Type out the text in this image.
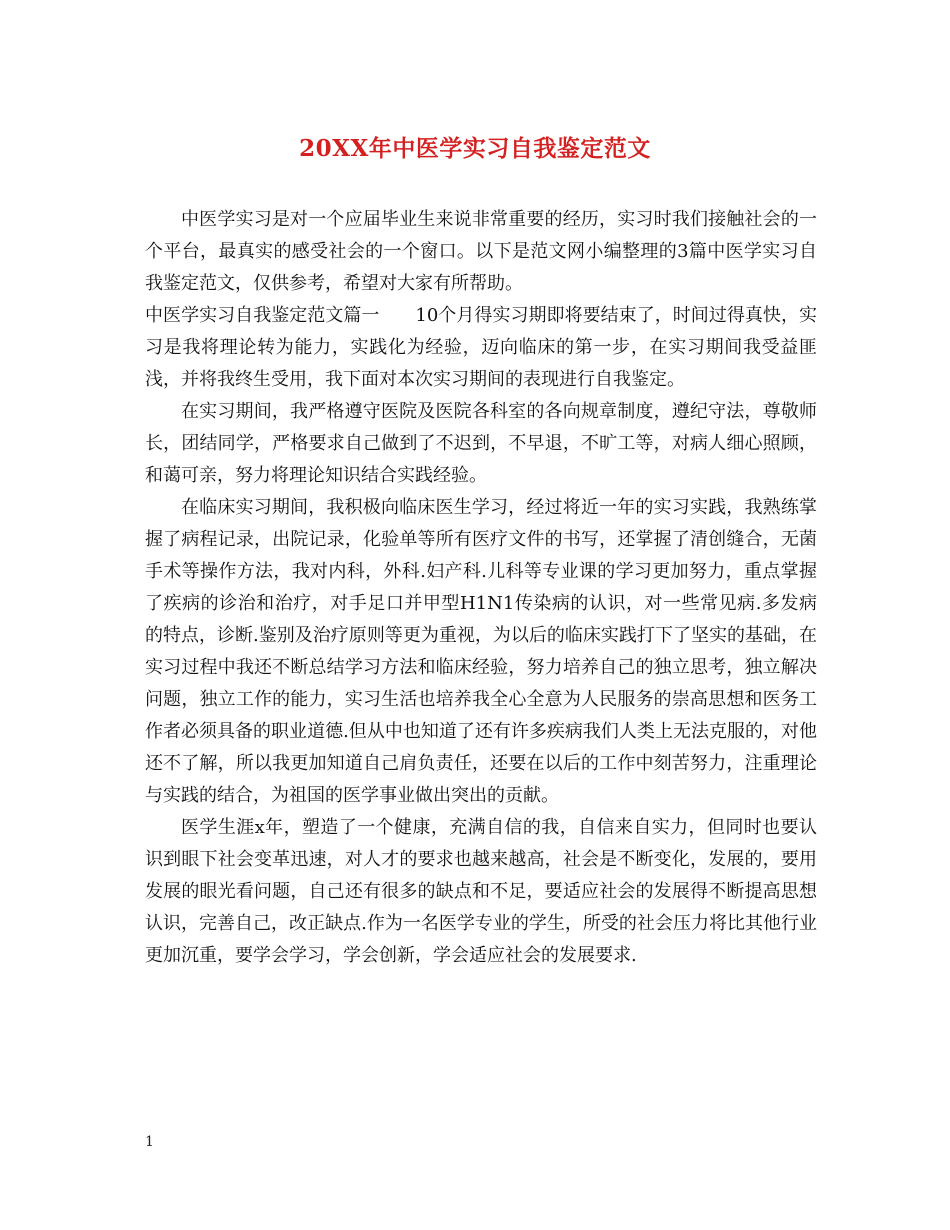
20XX年中医学实习自我鉴定范文

中医学实习是对一个应届毕业生来说非常重要的经历，实习时我们接触社会的一个平台，最真实的感受社会的一个窗口。以下是范文网小编整理的3篇中医学实习自我鉴定范文，仅供参考，希望对大家有所帮助。

中医学实习自我鉴定范文篇一   10个月得实习期即将要结束了，时间过得真快，实习是我将理论转为能力，实践化为经验，迈向临床的第一步，在实习期间我受益匪浅，并将我终生受用，我下面对本次实习期间的表现进行自我鉴定。

在实习期间，我严格遵守医院及医院各科室的各向规章制度，遵纪守法，尊敬师长，团结同学，严格要求自己做到了不迟到，不早退，不旷工等，对病人细心照顾，和蔼可亲，努力将理论知识结合实践经验。

在临床实习期间，我积极向临床医生学习，经过将近一年的实习实践，我熟练掌握了病程记录，出院记录，化验单等所有医疗文件的书写，还掌握了清创缝合，无菌手术等操作方法，我对内科，外科.妇产科.儿科等专业课的学习更加努力，重点掌握了疾病的诊治和治疗，对手足口并甲型H1N1传染病的认识，对一些常见病.多发病的特点，诊断.鉴别及治疗原则等更为重视，为以后的临床实践打下了坚实的基础，在实习过程中我还不断总结学习方法和临床经验，努力培养自己的独立思考，独立解决问题，独立工作的能力，实习生活也培养我全心全意为人民服务的崇高思想和医务工作者必须具备的职业道德.但从中也知道了还有许多疾病我们人类上无法克服的，对他还不了解，所以我更加知道自己肩负责任，还要在以后的工作中刻苦努力，注重理论与实践的结合，为祖国的医学事业做出突出的贡献。

医学生涯x年，塑造了一个健康，充满自信的我，自信来自实力，但同时也要认识到眼下社会变革迅速，对人才的要求也越来越高，社会是不断变化，发展的，要用发展的眼光看问题，自己还有很多的缺点和不足，要适应社会的发展得不断提高思想认识，完善自己，改正缺点.作为一名医学专业的学生，所受的社会压力将比其他行业更加沉重，要学会学习，学会创新，学会适应社会的发展要求.

1
